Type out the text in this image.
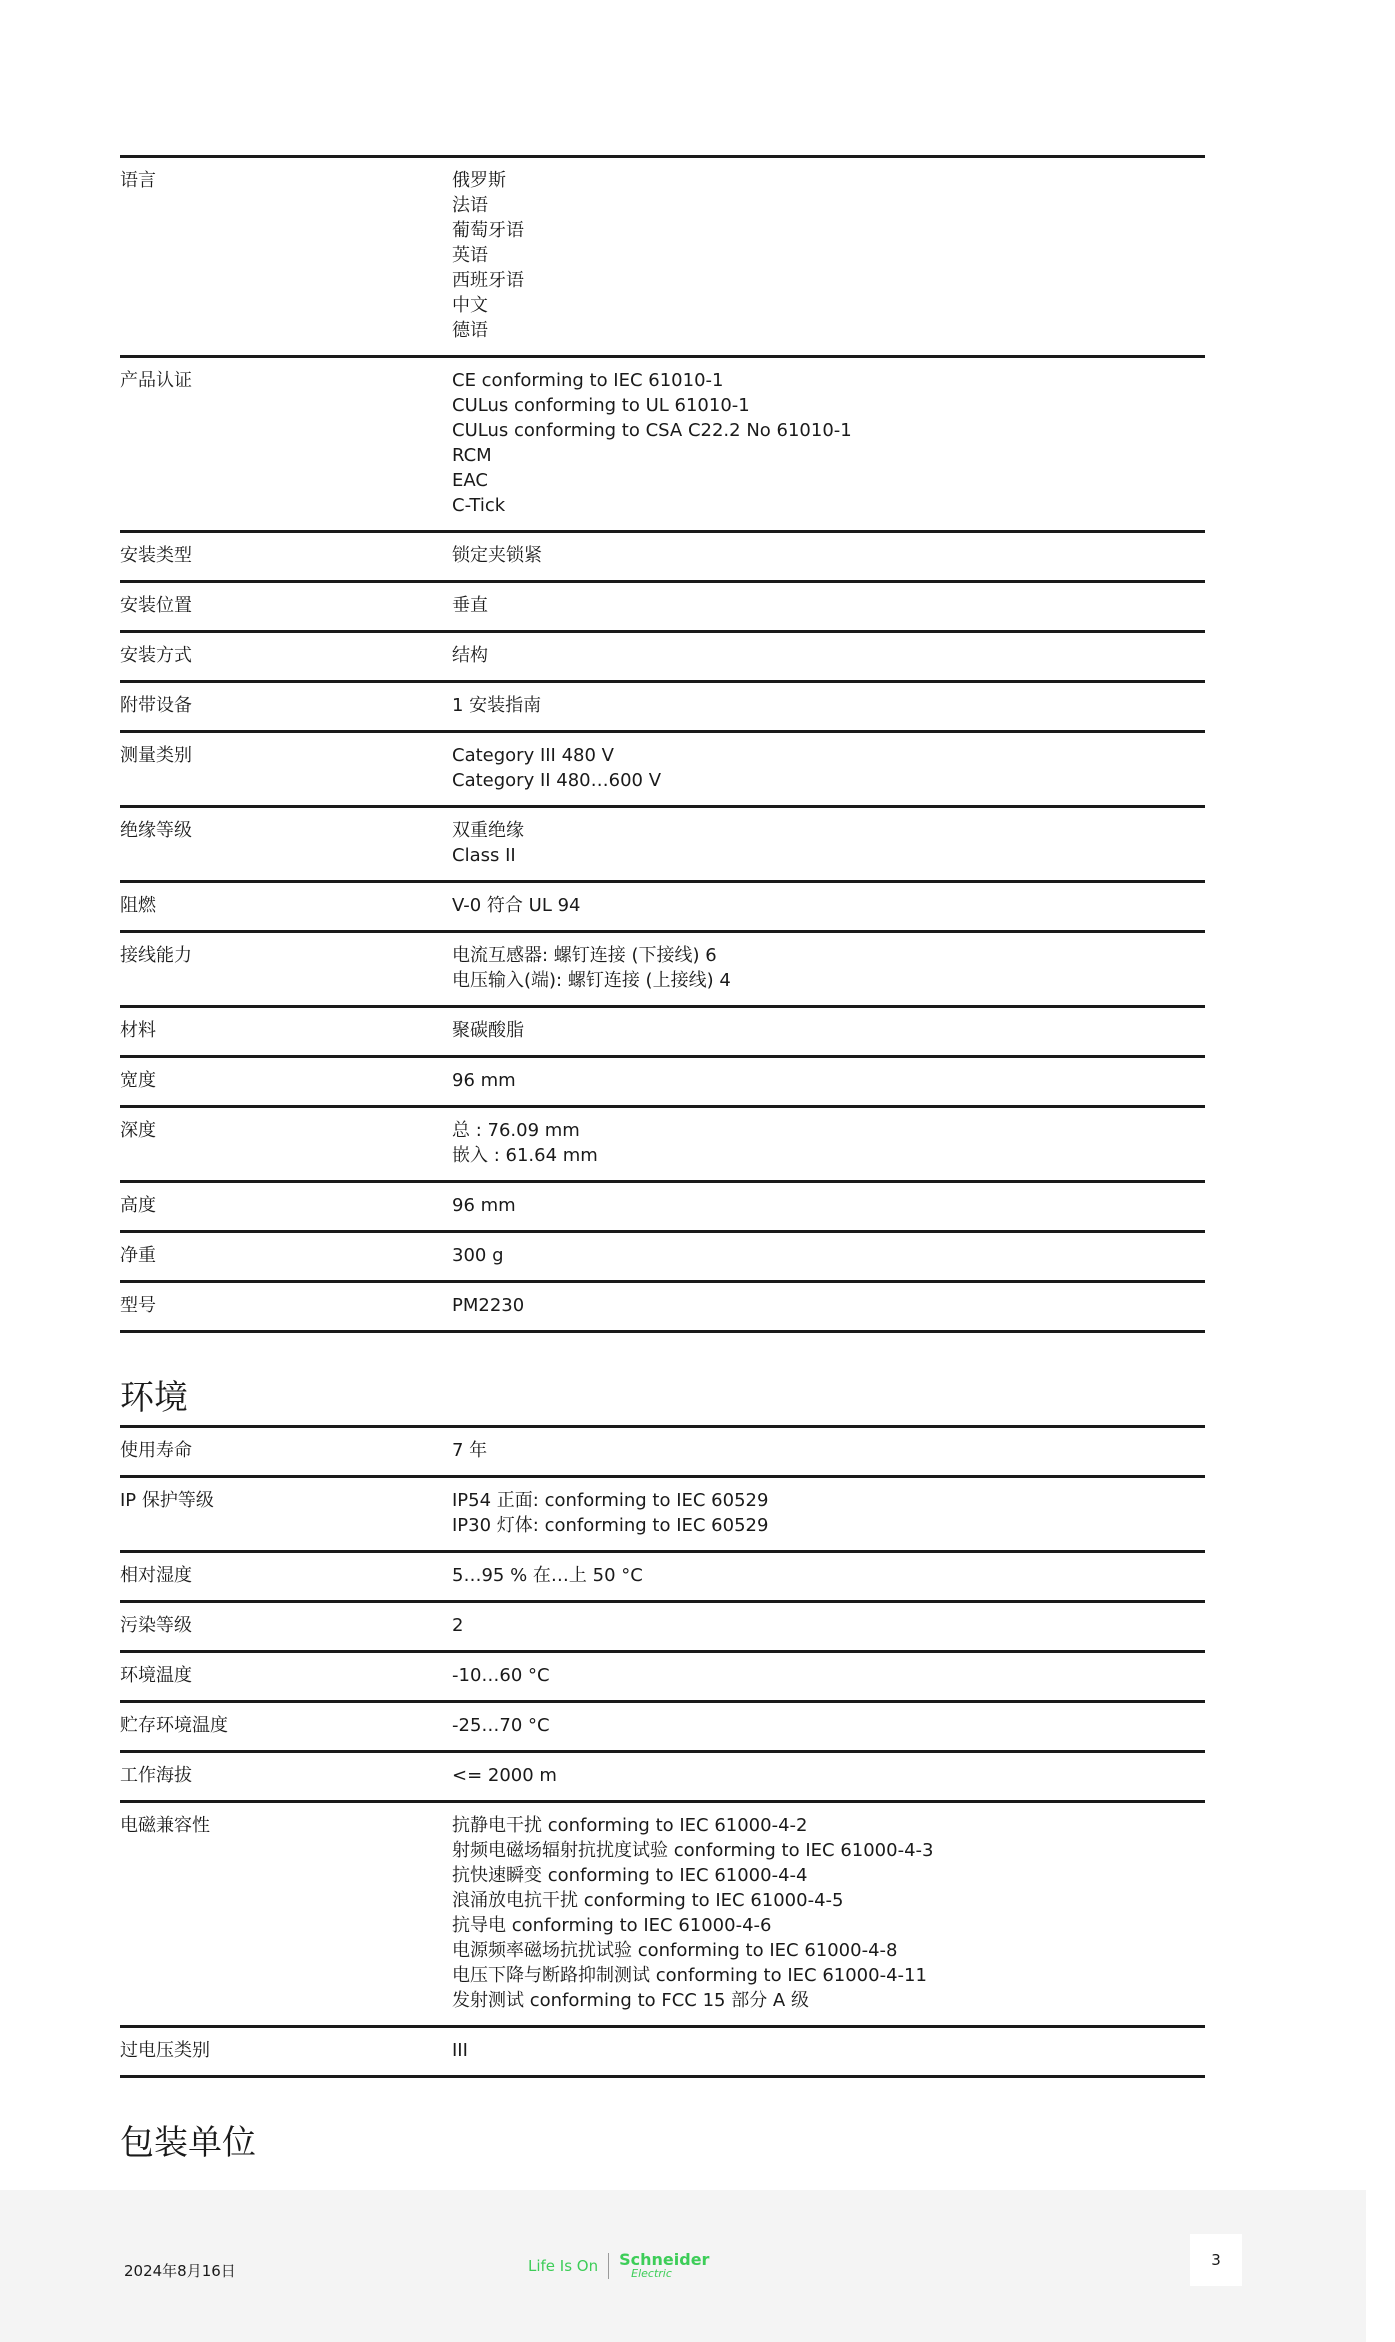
语言	俄罗斯
法语
葡萄牙语
英语
西班牙语
中文
德语
产品认证	CE conforming to IEC 61010-1
CULus conforming to UL 61010-1
CULus conforming to CSA C22.2 No 61010-1
RCM
EAC
C-Tick
安装类型	锁定夹锁紧
安装位置	垂直
安装方式	结构
附带设备	1 安装指南
测量类别	Category III 480 V
Category II 480…600 V
绝缘等级	双重绝缘
Class II
阻燃	V-0 符合 UL 94
接线能力	电流互感器: 螺钉连接 (下接线) 6
电压输入(端): 螺钉连接 (上接线) 4
材料	聚碳酸脂
宽度	96 mm
深度	总 : 76.09 mm
嵌入 : 61.64 mm
高度	96 mm
净重	300 g
型号	PM2230
环境
使用寿命	7 年
IP 保护等级	IP54 正面: conforming to IEC 60529
IP30 灯体: conforming to IEC 60529
相对湿度	5…95 % 在…上 50 °C
污染等级	2
环境温度	-10…60 °C
贮存环境温度	-25…70 °C
工作海拔	<= 2000 m
电磁兼容性	抗静电干扰 conforming to IEC 61000-4-2
射频电磁场辐射抗扰度试验 conforming to IEC 61000-4-3
抗快速瞬变 conforming to IEC 61000-4-4
浪涌放电抗干扰 conforming to IEC 61000-4-5
抗导电 conforming to IEC 61000-4-6
电源频率磁场抗扰试验 conforming to IEC 61000-4-8
电压下降与断路抑制测试 conforming to IEC 61000-4-11
发射测试 conforming to FCC 15 部分 A 级
过电压类别	III
包装单位
2024年8月16日	Life Is On Schneider
Electric
3
